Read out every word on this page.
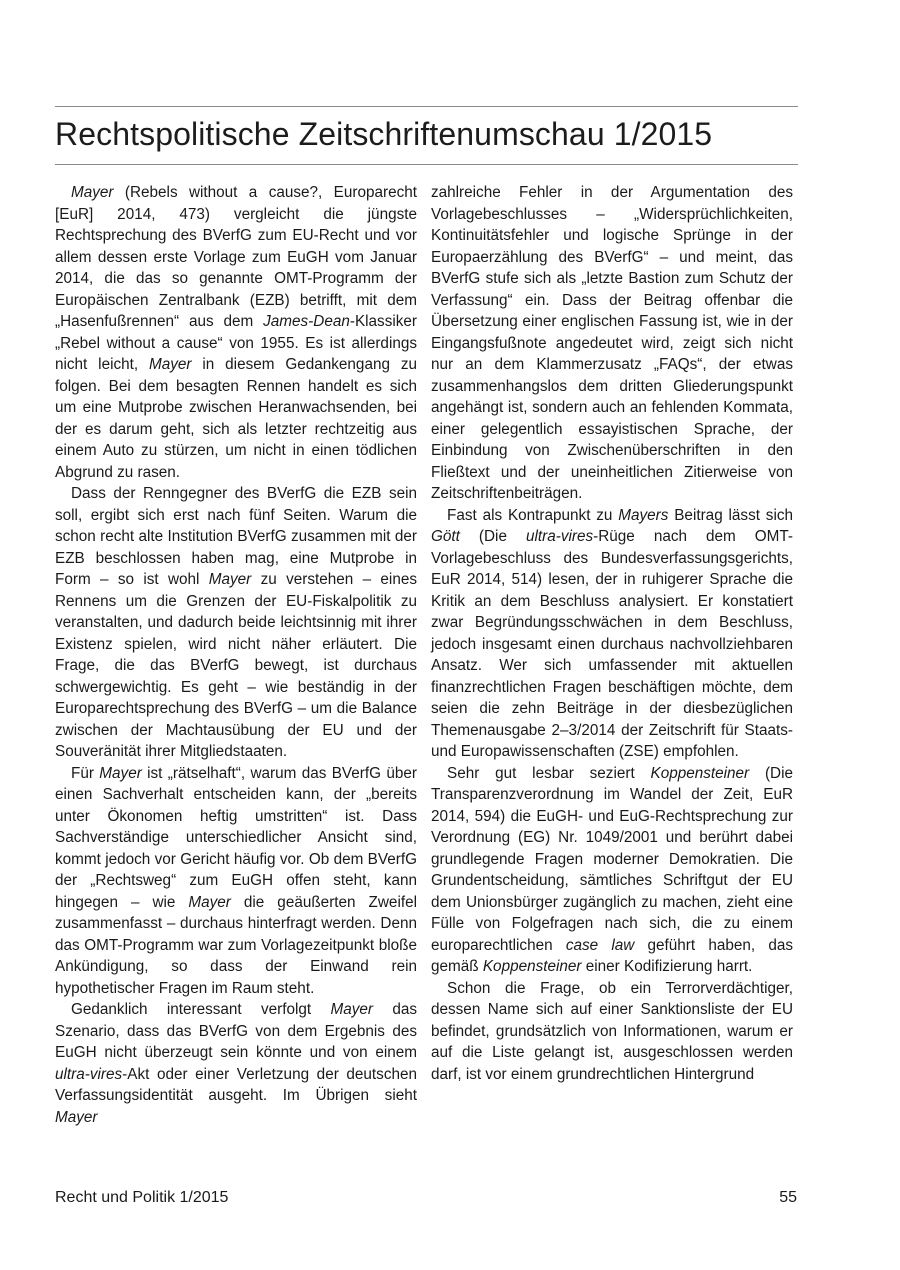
Rechtspolitische Zeitschriftenumschau 1/2015

Mayer (Rebels without a cause?, Europarecht [EuR] 2014, 473) vergleicht die jüngste Rechtsprechung des BVerfG zum EU-Recht und vor allem dessen erste Vorlage zum EuGH vom Januar 2014, die das so genannte OMT-Programm der Europäischen Zentralbank (EZB) betrifft, mit dem „Hasenfußrennen“ aus dem James-Dean-Klassiker „Rebel without a cause“ von 1955. Es ist allerdings nicht leicht, Mayer in diesem Gedankengang zu folgen. Bei dem besagten Rennen handelt es sich um eine Mutprobe zwischen Heranwachsenden, bei der es darum geht, sich als letzter rechtzeitig aus einem Auto zu stürzen, um nicht in einen tödlichen Abgrund zu rasen.

Dass der Renngegner des BVerfG die EZB sein soll, ergibt sich erst nach fünf Seiten. Warum die schon recht alte Institution BVerfG zusammen mit der EZB beschlossen haben mag, eine Mutprobe in Form – so ist wohl Mayer zu verstehen – eines Rennens um die Grenzen der EU-Fiskalpolitik zu veranstalten, und dadurch beide leichtsinnig mit ihrer Existenz spielen, wird nicht näher erläutert. Die Frage, die das BVerfG bewegt, ist durchaus schwergewichtig. Es geht – wie beständig in der Europarechtsprechung des BVerfG – um die Balance zwischen der Machtausübung der EU und der Souveränität ihrer Mitgliedstaaten.

Für Mayer ist „rätselhaft“, warum das BVerfG über einen Sachverhalt entscheiden kann, der „bereits unter Ökonomen heftig umstritten“ ist. Dass Sachverständige unterschiedlicher Ansicht sind, kommt jedoch vor Gericht häufig vor. Ob dem BVerfG der „Rechtsweg“ zum EuGH offen steht, kann hingegen – wie Mayer die geäußerten Zweifel zusammenfasst – durchaus hinterfragt werden. Denn das OMT-Programm war zum Vorlagezeitpunkt bloße Ankündigung, so dass der Einwand rein hypothetischer Fragen im Raum steht.

Gedanklich interessant verfolgt Mayer das Szenario, dass das BVerfG von dem Ergebnis des EuGH nicht überzeugt sein könnte und von einem ultra-vires-Akt oder einer Verletzung der deutschen Verfassungsidentität ausgeht. Im Übrigen sieht Mayer

zahlreiche Fehler in der Argumentation des Vorlagebeschlusses – „Widersprüchlichkeiten, Kontinuitätsfehler und logische Sprünge in der Europaerzählung des BVerfG“ – und meint, das BVerfG stufe sich als „letzte Bastion zum Schutz der Verfassung“ ein. Dass der Beitrag offenbar die Übersetzung einer englischen Fassung ist, wie in der Eingangsfußnote angedeutet wird, zeigt sich nicht nur an dem Klammerzusatz „FAQs“, der etwas zusammenhangslos dem dritten Gliederungspunkt angehängt ist, sondern auch an fehlenden Kommata, einer gelegentlich essayistischen Sprache, der Einbindung von Zwischenüberschriften in den Fließtext und der uneinheitlichen Zitierweise von Zeitschriftenbeiträgen.

Fast als Kontrapunkt zu Mayers Beitrag lässt sich Gött (Die ultra-vires-Rüge nach dem OMT-Vorlagebeschluss des Bundesverfassungsgerichts, EuR 2014, 514) lesen, der in ruhigerer Sprache die Kritik an dem Beschluss analysiert. Er konstatiert zwar Begründungsschwächen in dem Beschluss, jedoch insgesamt einen durchaus nachvollziehbaren Ansatz. Wer sich umfassender mit aktuellen finanzrechtlichen Fragen beschäftigen möchte, dem seien die zehn Beiträge in der diesbezüglichen Themenausgabe 2–3/2014 der Zeitschrift für Staats- und Europawissenschaften (ZSE) empfohlen.

Sehr gut lesbar seziert Koppensteiner (Die Transparenzverordnung im Wandel der Zeit, EuR 2014, 594) die EuGH- und EuG-Rechtsprechung zur Verordnung (EG) Nr. 1049/2001 und berührt dabei grundlegende Fragen moderner Demokratien. Die Grundentscheidung, sämtliches Schriftgut der EU dem Unionsbürger zugänglich zu machen, zieht eine Fülle von Folgefragen nach sich, die zu einem europarechtlichen case law geführt haben, das gemäß Koppensteiner einer Kodifizierung harrt.

Schon die Frage, ob ein Terrorverdächtiger, dessen Name sich auf einer Sanktionsliste der EU befindet, grundsätzlich von Informationen, warum er auf die Liste gelangt ist, ausgeschlossen werden darf, ist vor einem grundrechtlichen Hintergrund

Recht und Politik 1/2015	55
